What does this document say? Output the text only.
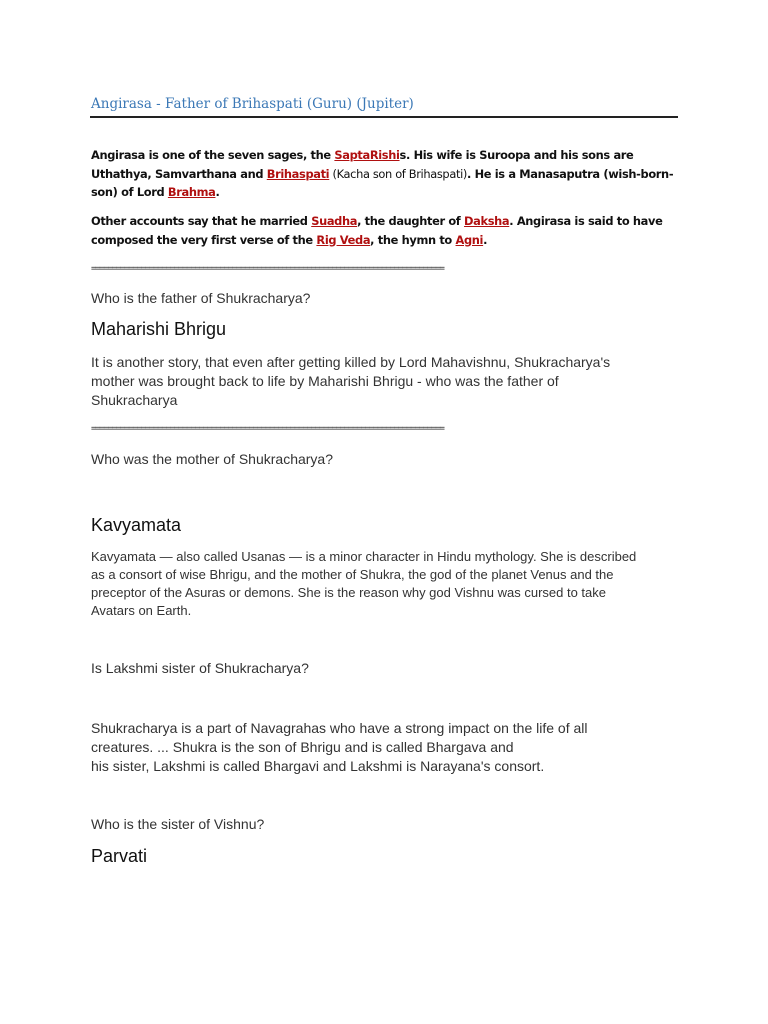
Angirasa - Father of Brihaspati (Guru) (Jupiter)
Angirasa is one of the seven sages, the SaptaRishis. His wife is Suroopa and his sons are Uthathya, Samvarthana and Brihaspati (Kacha son of Brihaspati). He is a Manasaputra (wish-born-son) of Lord Brahma.
Other accounts say that he married Suadha, the daughter of Daksha. Angirasa is said to have composed the very first verse of the Rig Veda, the hymn to Agni.
=====================================================================================
Who is the father of Shukracharya?
Maharishi Bhrigu
It is another story, that even after getting killed by Lord Mahavishnu, Shukracharya's
mother was brought back to life by Maharishi Bhrigu - who was the father of
Shukracharya
=====================================================================================
Who was the mother of Shukracharya?
Kavyamata
Kavyamata — also called Usanas — is a minor character in Hindu mythology. She is described
as a consort of wise Bhrigu, and the mother of Shukra, the god of the planet Venus and the
preceptor of the Asuras or demons. She is the reason why god Vishnu was cursed to take
Avatars on Earth.
Is Lakshmi sister of Shukracharya?
Shukracharya is a part of Navagrahas who have a strong impact on the life of all
creatures. ... Shukra is the son of Bhrigu and is called Bhargava and
his sister, Lakshmi is called Bhargavi and Lakshmi is Narayana's consort.
Who is the sister of Vishnu?
Parvati
